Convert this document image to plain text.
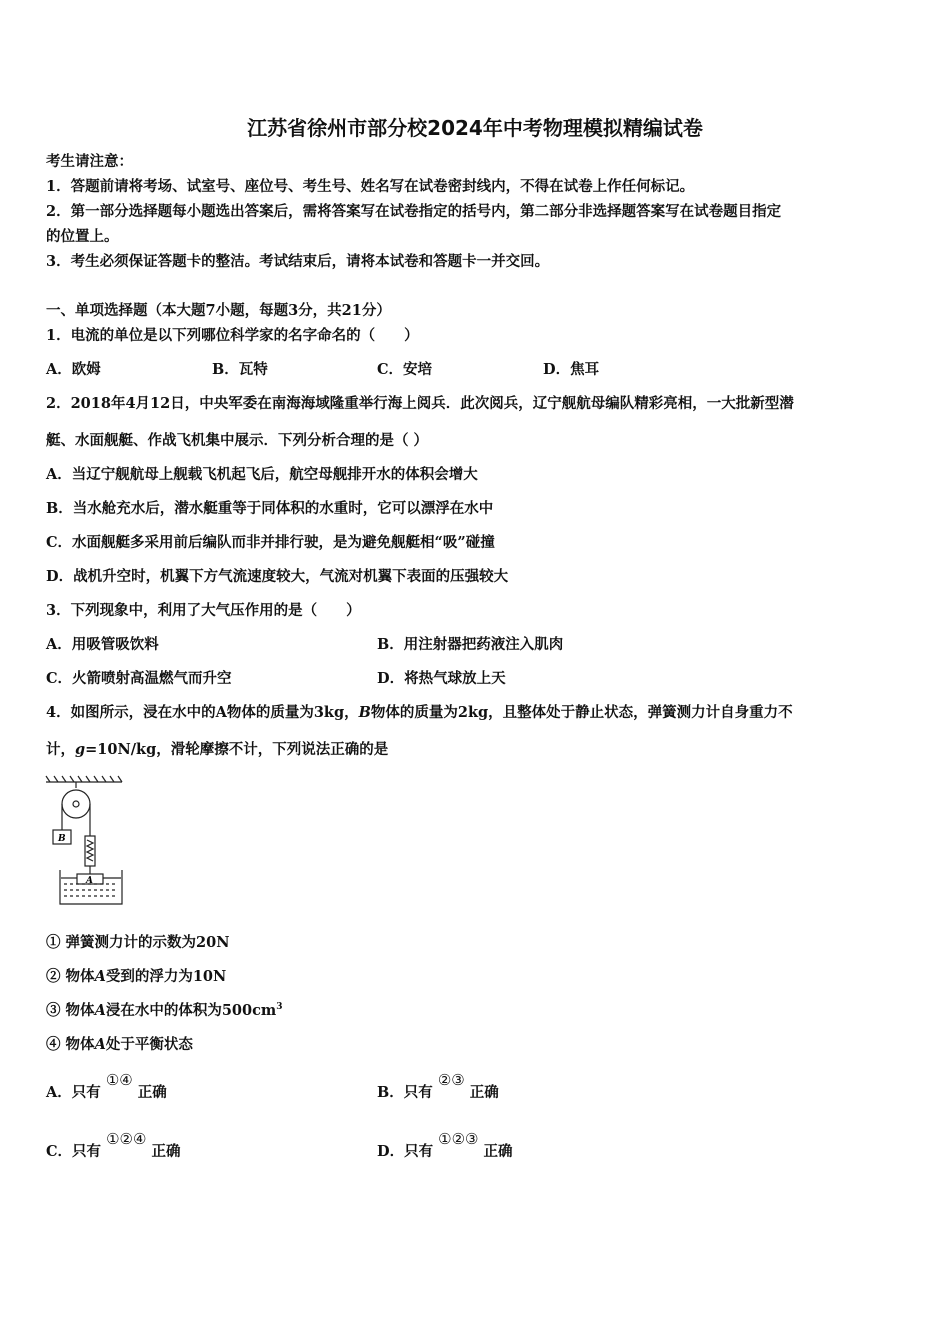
江苏省徐州市部分校2024年中考物理模拟精编试卷
考生请注意：
1．答题前请将考场、试室号、座位号、考生号、姓名写在试卷密封线内，不得在试卷上作任何标记。
2．第一部分选择题每小题选出答案后，需将答案写在试卷指定的括号内，第二部分非选择题答案写在试卷题目指定
的位置上。
3．考生必须保证答题卡的整洁。考试结束后，请将本试卷和答题卡一并交回。
一、单项选择题（本大题7小题，每题3分，共21分）
1．电流的单位是以下列哪位科学家的名字命名的（　　）
A．欧姆	B．瓦特	C．安培	D．焦耳
2．2018年4月12日，中央军委在南海海域隆重举行海上阅兵．此次阅兵，辽宁舰航母编队精彩亮相，一大批新型潜
艇、水面舰艇、作战飞机集中展示．下列分析合理的是（ ）
A．当辽宁舰航母上舰载飞机起飞后，航空母舰排开水的体积会增大
B．当水舱充水后，潜水艇重等于同体积的水重时，它可以漂浮在水中
C．水面舰艇多采用前后编队而非并排行驶，是为避免舰艇相“吸”碰撞
D．战机升空时，机翼下方气流速度较大，气流对机翼下表面的压强较大
3．下列现象中，利用了大气压作用的是（　　）
A．用吸管吸饮料	B．用注射器把药液注入肌肉
C．火箭喷射高温燃气而升空	D．将热气球放上天
4．如图所示，浸在水中的A物体的质量为3kg，B物体的质量为2kg，且整体处于静止状态，弹簧测力计自身重力不
计，g=10N/kg，滑轮摩擦不计，下列说法正确的是
B
A
① 弹簧测力计的示数为20N
② 物体A受到的浮力为10N
③ 物体A浸在水中的体积为$500cm^3$
④ 物体A处于平衡状态
A．只有 ①④ 正确	B．只有 ②③ 正确
C．只有 ①②④ 正确	D．只有 ①②③ 正确
